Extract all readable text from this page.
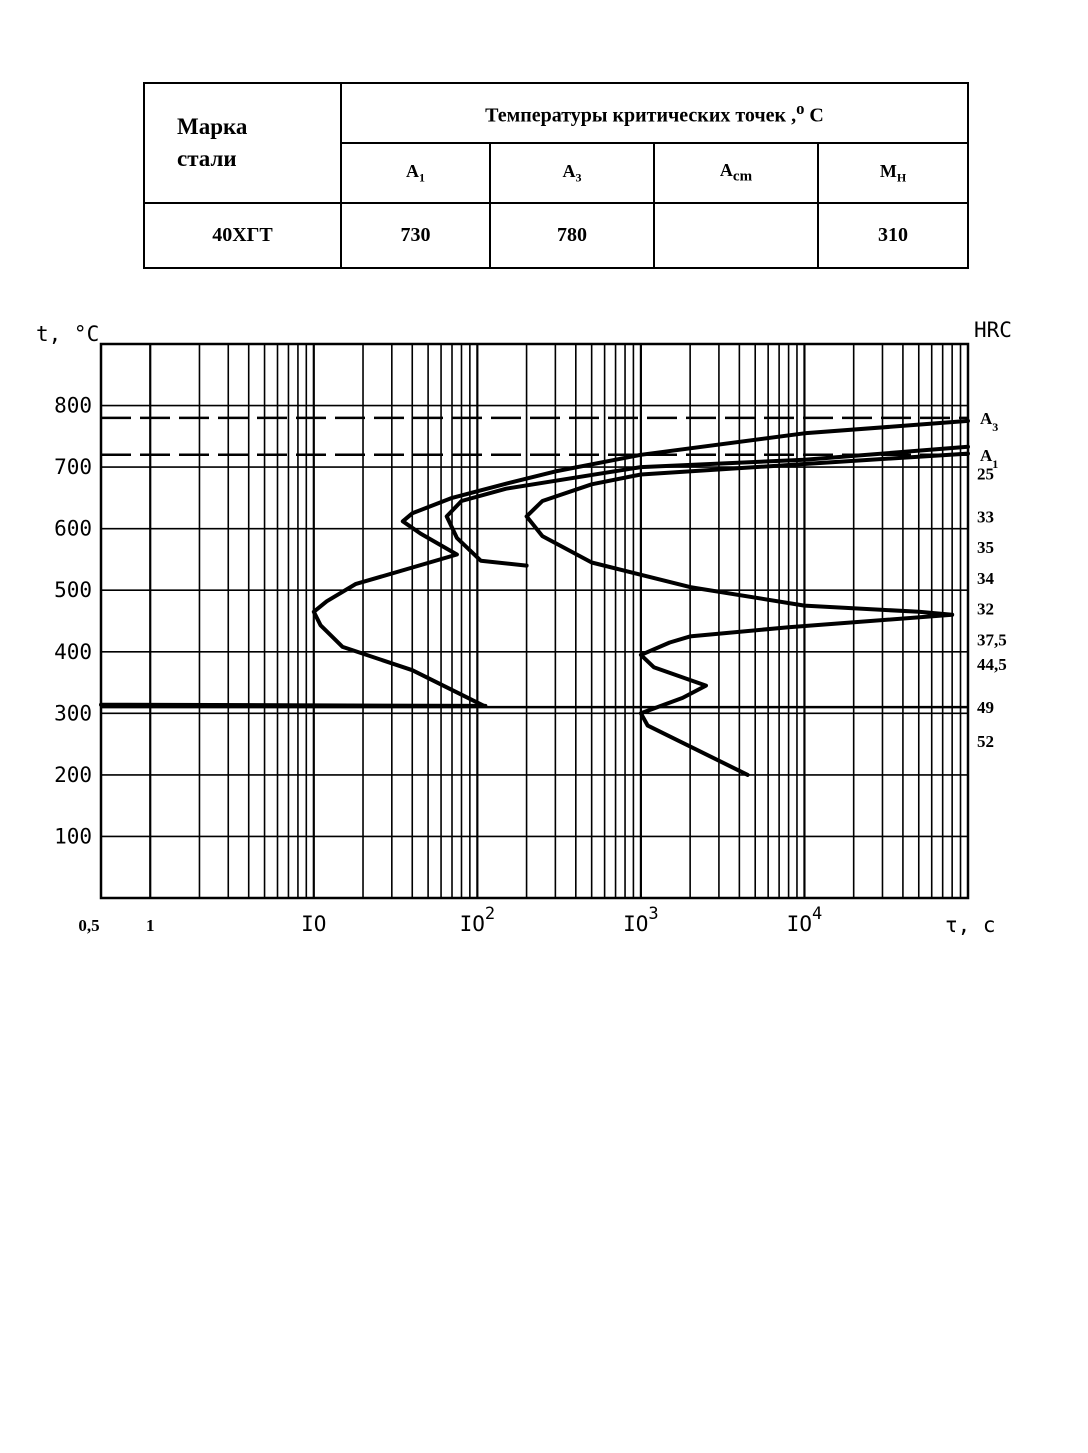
Марка
стали	Температуры критических точек ,$^o$ С			
	$А_1$	$А_3$	$А_{cm}$	$М_Н$
40ХГТ	730	780		310
$A_3$
$A_1$
100
200
300
400
500
600
700
800
0,5	1	IO	$IO^2$	$IO^3$	$IO^4$
25
33
35
34
32
37,5
44,5
49
52
t, °C	HRC
τ, с
